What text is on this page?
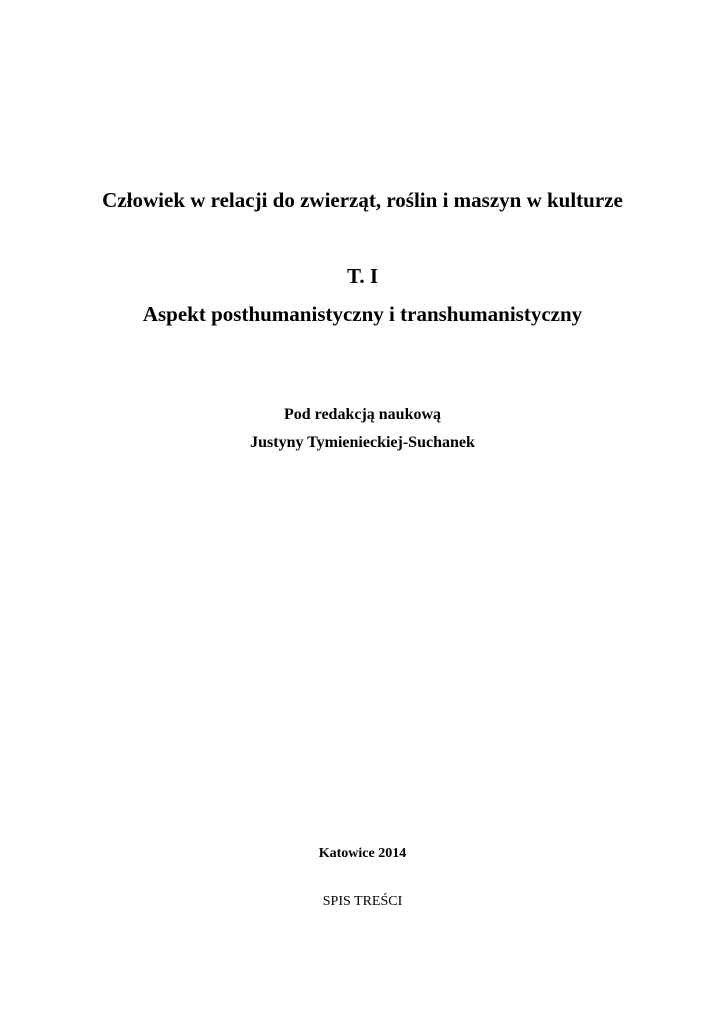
Człowiek w relacji do zwierząt, roślin i maszyn w kulturze
T. I
Aspekt posthumanistyczny i transhumanistyczny
Pod redakcją naukową
Justyny Tymienieckiej-Suchanek
Katowice 2014
SPIS TREŚCI
